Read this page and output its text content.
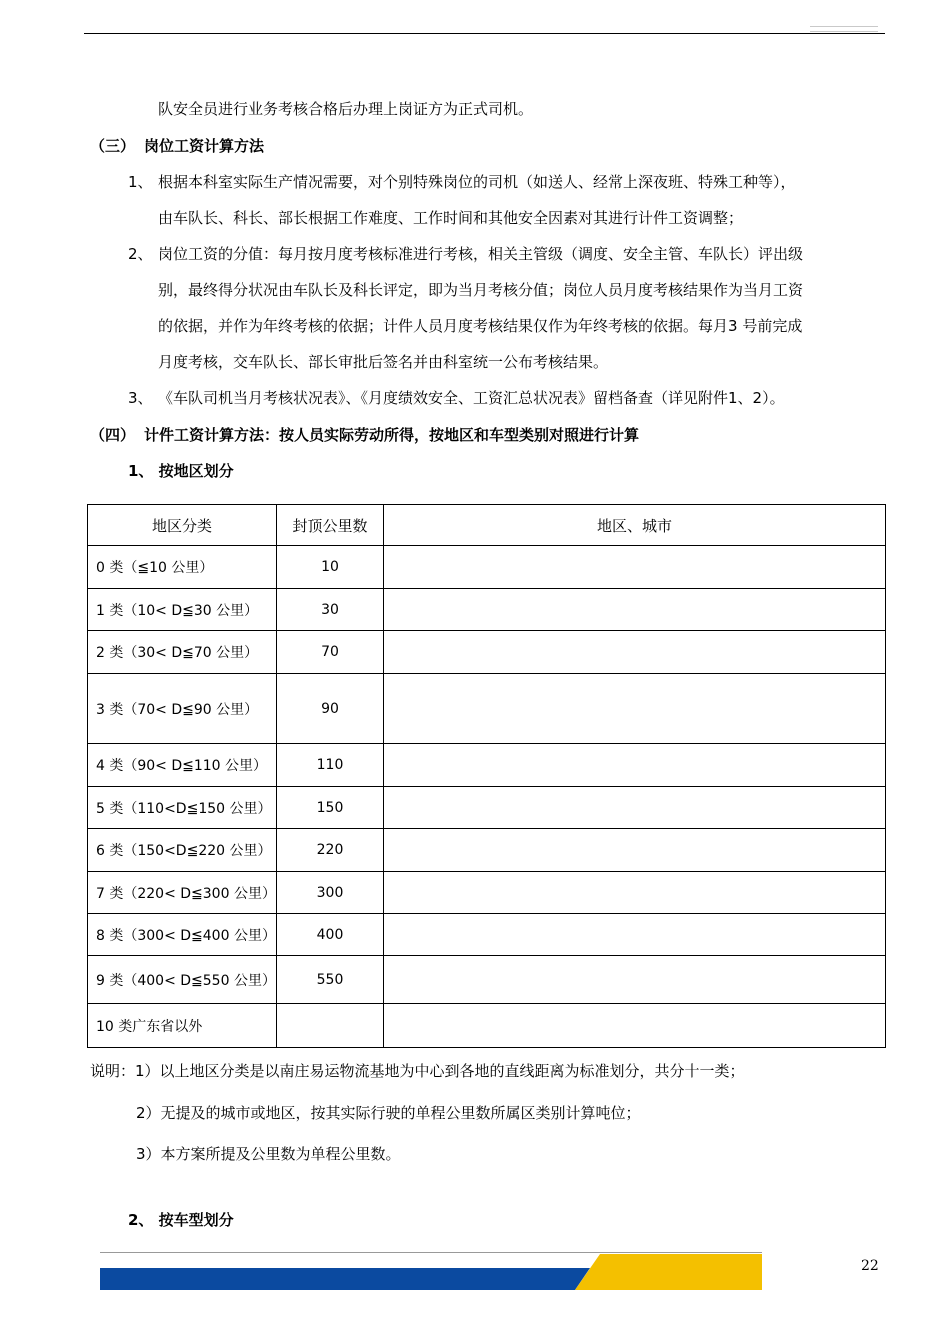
队安全员进行业务考核合格后办理上岗证方为正式司机。
（三） 岗位工资计算方法
1、 根据本科室实际生产情况需要，对个别特殊岗位的司机（如送人、经常上深夜班、特殊工种等），
由车队长、科长、部长根据工作难度、工作时间和其他安全因素对其进行计件工资调整；
2、 岗位工资的分值：每月按月度考核标准进行考核，相关主管级（调度、安全主管、车队长）评出级
别，最终得分状况由车队长及科长评定，即为当月考核分值；岗位人员月度考核结果作为当月工资
的依据，并作为年终考核的依据；计件人员月度考核结果仅作为年终考核的依据。每月3 号前完成
月度考核，交车队长、部长审批后签名并由科室统一公布考核结果。
3、 《车队司机当月考核状况表》、《月度绩效安全、工资汇总状况表》留档备查（详见附件1、2）。
（四） 计件工资计算方法：按人员实际劳动所得，按地区和车型类别对照进行计算
1、 按地区划分
地区分类	封顶公里数	地区、城市
0 类（≦10 公里）	10	
1 类（10< D≦30 公里）	30	
2 类（30< D≦70 公里）	70	
3 类（70< D≦90 公里）	90	
4 类（90< D≦110 公里）	110	
5 类（110<D≦150 公里）	150	
6 类（150<D≦220 公里）	220	
7 类（220< D≦300 公里）	300	
8 类（300< D≦400 公里）	400	
9 类（400< D≦550 公里）	550	
10 类广东省以外		
说明：1）以上地区分类是以南庄易运物流基地为中心到各地的直线距离为标准划分，共分十一类；
2）无提及的城市或地区，按其实际行驶的单程公里数所属区类别计算吨位；
3）本方案所提及公里数为单程公里数。
2、 按车型划分
22
